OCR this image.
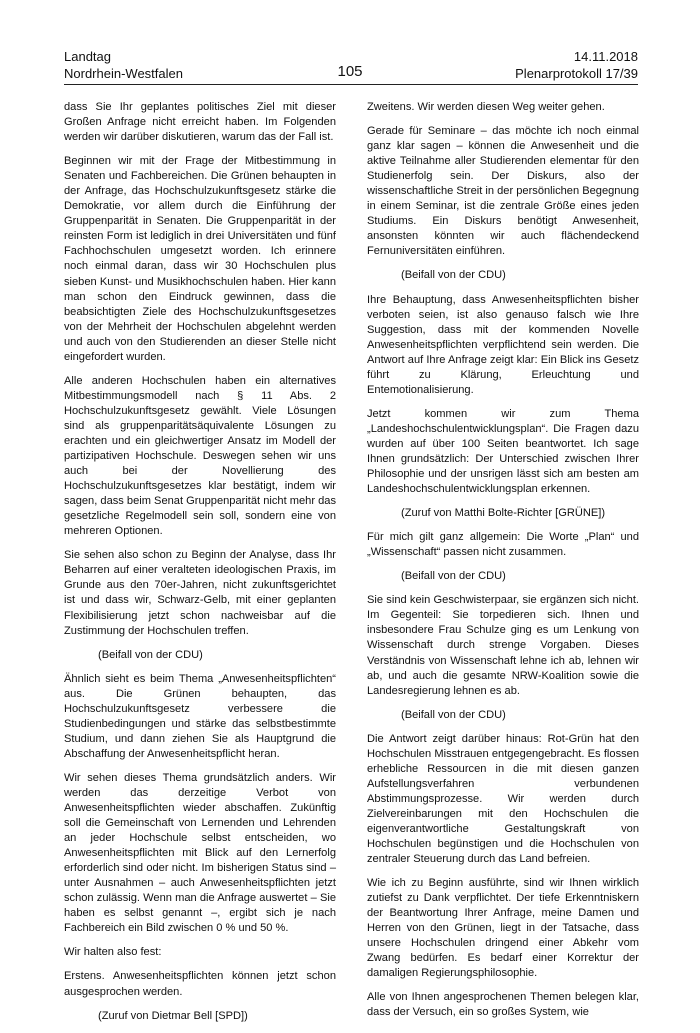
Landtag
Nordrhein-Westfalen	105
14.11.2018
Plenarprotokoll 17/39

dass Sie Ihr geplantes politisches Ziel mit dieser Großen Anfrage nicht erreicht haben. Im Folgenden werden wir darüber diskutieren, warum das der Fall ist.

Beginnen wir mit der Frage der Mitbestimmung in Senaten und Fachbereichen. Die Grünen behaupten in der Anfrage, das Hochschulzukunftsgesetz stärke die Demokratie, vor allem durch die Einführung der Gruppenparität in Senaten. Die Gruppenparität in der reinsten Form ist lediglich in drei Universitäten und fünf Fachhochschulen umgesetzt worden. Ich erinnere noch einmal daran, dass wir 30 Hochschulen plus sieben Kunst- und Musikhochschulen haben. Hier kann man schon den Eindruck gewinnen, dass die beabsichtigten Ziele des Hochschulzukunftsgesetzes von der Mehrheit der Hochschulen abgelehnt werden und auch von den Studierenden an dieser Stelle nicht eingefordert wurden.

Alle anderen Hochschulen haben ein alternatives Mitbestimmungsmodell nach § 11 Abs. 2 Hochschulzukunftsgesetz gewählt. Viele Lösungen sind als gruppenparitätsäquivalente Lösungen zu erachten und ein gleichwertiger Ansatz im Modell der partizipativen Hochschule. Deswegen sehen wir uns auch bei der Novellierung des Hochschulzukunftsgesetzes klar bestätigt, indem wir sagen, dass beim Senat Gruppenparität nicht mehr das gesetzliche Regelmodell sein soll, sondern eine von mehreren Optionen.

Sie sehen also schon zu Beginn der Analyse, dass Ihr Beharren auf einer veralteten ideologischen Praxis, im Grunde aus den 70er-Jahren, nicht zukunftsgerichtet ist und dass wir, Schwarz-Gelb, mit einer geplanten Flexibilisierung jetzt schon nachweisbar auf die Zustimmung der Hochschulen treffen.

(Beifall von der CDU)

Ähnlich sieht es beim Thema „Anwesenheitspflichten“ aus. Die Grünen behaupten, das Hochschulzukunftsgesetz verbessere die Studienbedingungen und stärke das selbstbestimmte Studium, und dann ziehen Sie als Hauptgrund die Abschaffung der Anwesenheitspflicht heran.

Wir sehen dieses Thema grundsätzlich anders. Wir werden das derzeitige Verbot von Anwesenheitspflichten wieder abschaffen. Zukünftig soll die Gemeinschaft von Lernenden und Lehrenden an jeder Hochschule selbst entscheiden, wo Anwesenheitspflichten mit Blick auf den Lernerfolg erforderlich sind oder nicht. Im bisherigen Status sind – unter Ausnahmen – auch Anwesenheitspflichten jetzt schon zulässig. Wenn man die Anfrage auswertet – Sie haben es selbst genannt –, ergibt sich je nach Fachbereich ein Bild zwischen 0 % und 50 %.

Wir halten also fest:

Erstens. Anwesenheitspflichten können jetzt schon ausgesprochen werden.

(Zuruf von Dietmar Bell [SPD])

Zweitens. Wir werden diesen Weg weiter gehen.

Gerade für Seminare – das möchte ich noch einmal ganz klar sagen – können die Anwesenheit und die aktive Teilnahme aller Studierenden elementar für den Studienerfolg sein. Der Diskurs, also der wissenschaftliche Streit in der persönlichen Begegnung in einem Seminar, ist die zentrale Größe eines jeden Studiums. Ein Diskurs benötigt Anwesenheit, ansonsten könnten wir auch flächendeckend Fernuniversitäten einführen.

(Beifall von der CDU)

Ihre Behauptung, dass Anwesenheitspflichten bisher verboten seien, ist also genauso falsch wie Ihre Suggestion, dass mit der kommenden Novelle Anwesenheitspflichten verpflichtend sein werden. Die Antwort auf Ihre Anfrage zeigt klar: Ein Blick ins Gesetz führt zu Klärung, Erleuchtung und Entemotionalisierung.

Jetzt kommen wir zum Thema „Landeshochschulentwicklungsplan“. Die Fragen dazu wurden auf über 100 Seiten beantwortet. Ich sage Ihnen grundsätzlich: Der Unterschied zwischen Ihrer Philosophie und der unsrigen lässt sich am besten am Landeshochschulentwicklungsplan erkennen.

(Zuruf von Matthi Bolte-Richter [GRÜNE])

Für mich gilt ganz allgemein: Die Worte „Plan“ und „Wissenschaft“ passen nicht zusammen.

(Beifall von der CDU)

Sie sind kein Geschwisterpaar, sie ergänzen sich nicht. Im Gegenteil: Sie torpedieren sich. Ihnen und insbesondere Frau Schulze ging es um Lenkung von Wissenschaft durch strenge Vorgaben. Dieses Verständnis von Wissenschaft lehne ich ab, lehnen wir ab, und auch die gesamte NRW-Koalition sowie die Landesregierung lehnen es ab.

(Beifall von der CDU)

Die Antwort zeigt darüber hinaus: Rot-Grün hat den Hochschulen Misstrauen entgegengebracht. Es flossen erhebliche Ressourcen in die mit diesen ganzen Aufstellungsverfahren verbundenen Abstimmungsprozesse. Wir werden durch Zielvereinbarungen mit den Hochschulen die eigenverantwortliche Gestaltungskraft von Hochschulen begünstigen und die Hochschulen von zentraler Steuerung durch das Land befreien.

Wie ich zu Beginn ausführte, sind wir Ihnen wirklich zutiefst zu Dank verpflichtet. Der tiefe Erkenntniskern der Beantwortung Ihrer Anfrage, meine Damen und Herren von den Grünen, liegt in der Tatsache, dass unsere Hochschulen dringend einer Abkehr vom Zwang bedürfen. Es bedarf einer Korrektur der damaligen Regierungsphilosophie.

Alle von Ihnen angesprochenen Themen belegen klar, dass der Versuch, ein so großes System, wie
